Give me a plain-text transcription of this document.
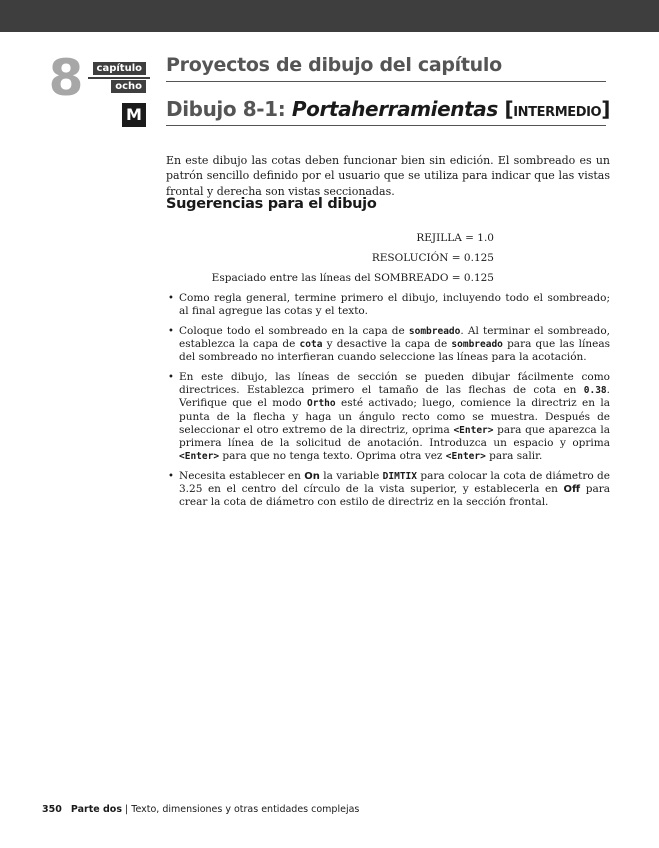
8	capítulo
ocho
Proyectos de dibujo del capítulo
M Dibujo 8-1: Portaherramientas [INTERMEDIO]

En este dibujo las cotas deben funcionar bien sin edición. El sombreado es un patrón sencillo definido por el usuario que se utiliza para indicar que las vistas frontal y derecha son vistas seccionadas.

Sugerencias para el dibujo
REJILLA = 1.0
RESOLUCIÓN = 0.125
Espaciado entre las líneas del SOMBREADO = 0.125
• Como regla general, termine primero el dibujo, incluyendo todo el sombreado; al final agregue las cotas y el texto.
• Coloque todo el sombreado en la capa de sombreado. Al terminar el sombreado, establezca la capa de cota y desactive la capa de sombreado para que las líneas del sombreado no interfieran cuando seleccione las líneas para la acotación.
• En este dibujo, las líneas de sección se pueden dibujar fácilmente como directrices. Establezca primero el tamaño de las flechas de cota en 0.38. Verifique que el modo Ortho esté activado; luego, comience la directriz en la punta de la flecha y haga un ángulo recto como se muestra. Después de seleccionar el otro extremo de la directriz, oprima <Enter> para que aparezca la primera línea de la solicitud de anotación. Introduzca un espacio y oprima <Enter> para que no tenga texto. Oprima otra vez <Enter> para salir.
• Necesita establecer en On la variable DIMTIX para colocar la cota de diámetro de 3.25 en el centro del círculo de la vista superior, y establecerla en Off para crear la cota de diámetro con estilo de directriz en la sección frontal.
350 Parte dos | Texto, dimensiones y otras entidades complejas
